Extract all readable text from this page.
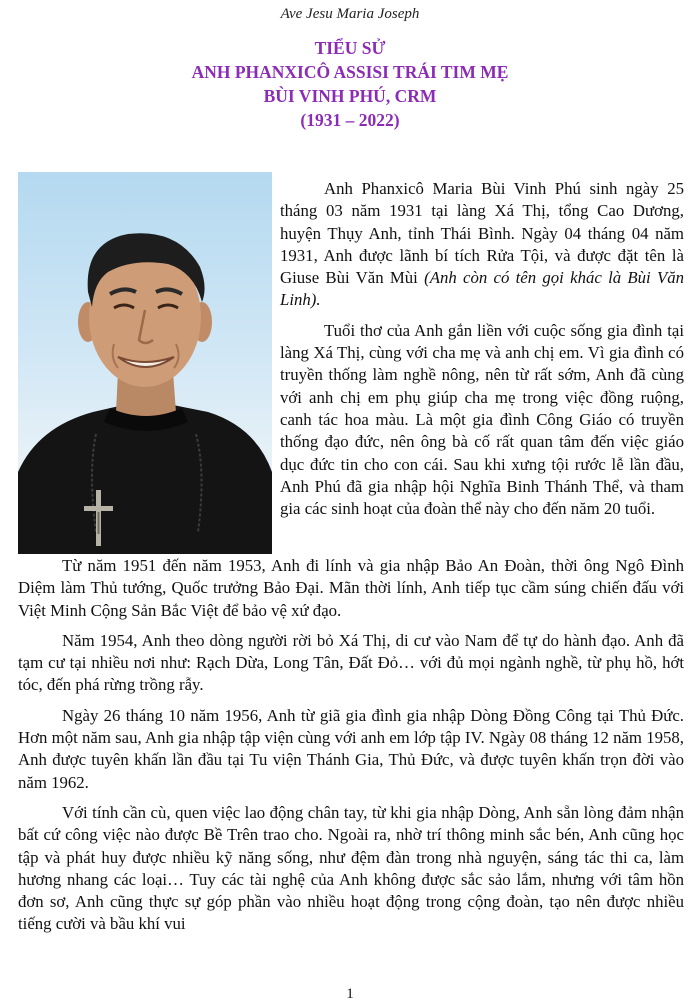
Ave Jesu Maria Joseph
TIỂU SỬ
ANH PHANXICÔ ASSISI TRÁI TIM MẸ
BÙI VINH PHÚ, CRM
(1931 – 2022)

Anh Phanxicô Maria Bùi Vinh Phú sinh ngày 25 tháng 03 năm 1931 tại làng Xá Thị, tổng Cao Dương, huyện Thụy Anh, tỉnh Thái Bình. Ngày 04 tháng 04 năm 1931, Anh được lãnh bí tích Rửa Tội, và được đặt tên là Giuse Bùi Văn Mùi (Anh còn có tên gọi khác là Bùi Văn Linh).

Tuổi thơ của Anh gắn liền với cuộc sống gia đình tại làng Xá Thị, cùng với cha mẹ và anh chị em. Vì gia đình có truyền thống làm nghề nông, nên từ rất sớm, Anh đã cùng với anh chị em phụ giúp cha mẹ trong việc đồng ruộng, canh tác hoa màu. Là một gia đình Công Giáo có truyền thống đạo đức, nên ông bà cố rất quan tâm đến việc giáo dục đức tin cho con cái. Sau khi xưng tội rước lễ lần đầu, Anh Phú đã gia nhập hội Nghĩa Binh Thánh Thể, và tham gia các sinh hoạt của đoàn thể này cho đến năm 20 tuổi.

Từ năm 1951 đến năm 1953, Anh đi lính và gia nhập Bảo An Đoàn, thời ông Ngô Đình Diệm làm Thủ tướng, Quốc trưởng Bảo Đại. Mãn thời lính, Anh tiếp tục cầm súng chiến đấu với Việt Minh Cộng Sản Bắc Việt để bảo vệ xứ đạo.

Năm 1954, Anh theo dòng người rời bỏ Xá Thị, di cư vào Nam để tự do hành đạo. Anh đã tạm cư tại nhiều nơi như: Rạch Dừa, Long Tân, Đất Đỏ… với đủ mọi ngành nghề, từ phụ hồ, hớt tóc, đến phá rừng trồng rẫy.

Ngày 26 tháng 10 năm 1956, Anh từ giã gia đình gia nhập Dòng Đồng Công tại Thủ Đức. Hơn một năm sau, Anh gia nhập tập viện cùng với anh em lớp tập IV. Ngày 08 tháng 12 năm 1958, Anh được tuyên khấn lần đầu tại Tu viện Thánh Gia, Thủ Đức, và được tuyên khấn trọn đời vào năm 1962.

Với tính cần cù, quen việc lao động chân tay, từ khi gia nhập Dòng, Anh sẵn lòng đảm nhận bất cứ công việc nào được Bề Trên trao cho. Ngoài ra, nhờ trí thông minh sắc bén, Anh cũng học tập và phát huy được nhiều kỹ năng sống, như đệm đàn trong nhà nguyện, sáng tác thi ca, làm hương nhang các loại… Tuy các tài nghệ của Anh không được sắc sảo lắm, nhưng với tâm hồn đơn sơ, Anh cũng thực sự góp phần vào nhiều hoạt động trong cộng đoàn, tạo nên được nhiều tiếng cười và bầu khí vui

1
